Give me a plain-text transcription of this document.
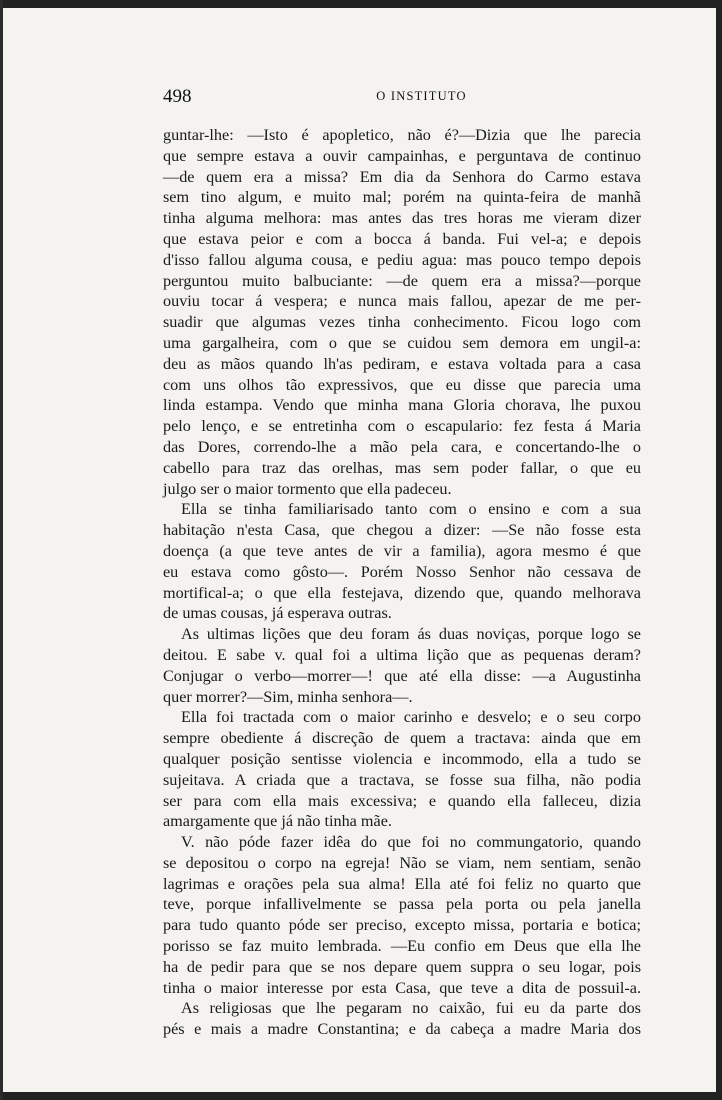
498	O INSTITUTO
guntar-lhe: —Isto é apopletico, não é?—Dizia que lhe parecia
que sempre estava a ouvir campainhas, e perguntava de continuo
—de quem era a missa? Em dia da Senhora do Carmo estava
sem tino algum, e muito mal; porém na quinta-feira de manhã
tinha alguma melhora: mas antes das tres horas me vieram dizer
que estava peior e com a bocca á banda. Fui vel-a; e depois
d'isso fallou alguma cousa, e pediu agua: mas pouco tempo depois
perguntou muito balbuciante: —de quem era a missa?—porque
ouviu tocar á vespera; e nunca mais fallou, apezar de me per-
suadir que algumas vezes tinha conhecimento. Ficou logo com
uma gargalheira, com o que se cuidou sem demora em ungil-a:
deu as mãos quando lh'as pediram, e estava voltada para a casa
com uns olhos tão expressivos, que eu disse que parecia uma
linda estampa. Vendo que minha mana Gloria chorava, lhe puxou
pelo lenço, e se entretinha com o escapulario: fez festa á Maria
das Dores, correndo-lhe a mão pela cara, e concertando-lhe o
cabello para traz das orelhas, mas sem poder fallar, o que eu
julgo ser o maior tormento que ella padeceu.
Ella se tinha familiarisado tanto com o ensino e com a sua
habitação n'esta Casa, que chegou a dizer: —Se não fosse esta
doença (a que teve antes de vir a familia), agora mesmo é que
eu estava como gôsto—. Porém Nosso Senhor não cessava de
mortifical-a; o que ella festejava, dizendo que, quando melhorava
de umas cousas, já esperava outras.
As ultimas lições que deu foram ás duas noviças, porque logo se
deitou. E sabe v. qual foi a ultima lição que as pequenas deram?
Conjugar o verbo—morrer—! que até ella disse: —a Augustinha
quer morrer?—Sim, minha senhora—.
Ella foi tractada com o maior carinho e desvelo; e o seu corpo
sempre obediente á discreção de quem a tractava: ainda que em
qualquer posição sentisse violencia e incommodo, ella a tudo se
sujeitava. A criada que a tractava, se fosse sua filha, não podia
ser para com ella mais excessiva; e quando ella falleceu, dizia
amargamente que já não tinha mãe.
V. não póde fazer idêa do que foi no commungatorio, quando
se depositou o corpo na egreja! Não se viam, nem sentiam, senão
lagrimas e orações pela sua alma! Ella até foi feliz no quarto que
teve, porque infallivelmente se passa pela porta ou pela janella
para tudo quanto póde ser preciso, excepto missa, portaria e botica;
porisso se faz muito lembrada. —Eu confio em Deus que ella lhe
ha de pedir para que se nos depare quem suppra o seu logar, pois
tinha o maior interesse por esta Casa, que teve a dita de possuil-a.
As religiosas que lhe pegaram no caixão, fui eu da parte dos
pés e mais a madre Constantina; e da cabeça a madre Maria dos
